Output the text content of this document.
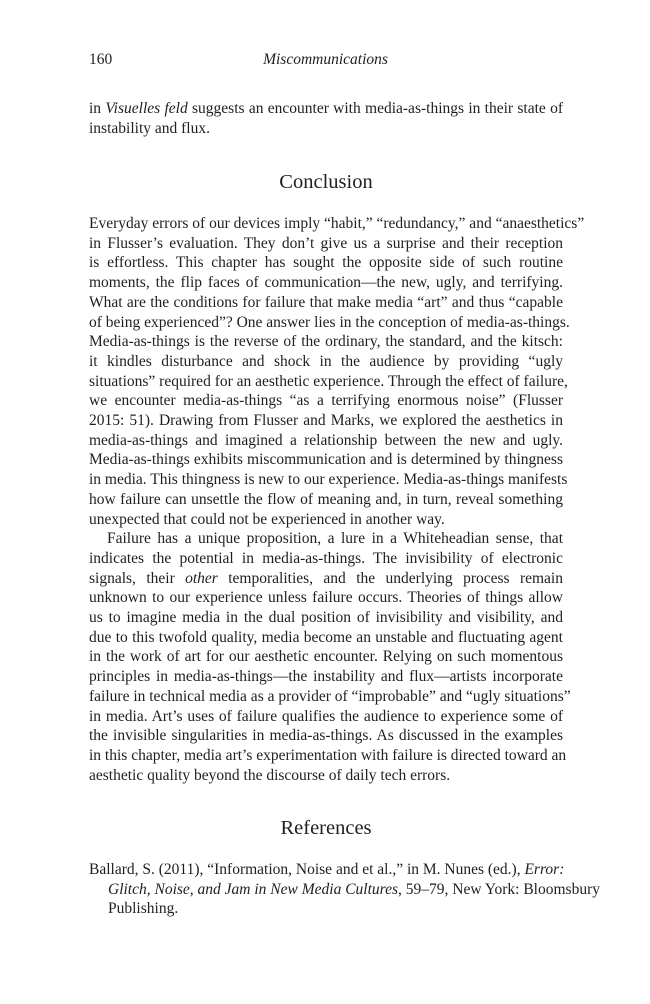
160	Miscommunications
in Visuelles feld suggests an encounter with media-as-things in their state of
instability and flux.
Conclusion
Everyday errors of our devices imply “habit,” “redundancy,” and “anaesthetics”
in Flusser’s evaluation. They don’t give us a surprise and their reception
is effortless. This chapter has sought the opposite side of such routine
moments, the flip faces of communication—the new, ugly, and terrifying.
What are the conditions for failure that make media “art” and thus “capable
of being experienced”? One answer lies in the conception of media-as-things.
Media-as-things is the reverse of the ordinary, the standard, and the kitsch:
it kindles disturbance and shock in the audience by providing “ugly
situations” required for an aesthetic experience. Through the effect of failure,
we encounter media-as-things “as a terrifying enormous noise” (Flusser
2015: 51). Drawing from Flusser and Marks, we explored the aesthetics in
media-as-things and imagined a relationship between the new and ugly.
Media-as-things exhibits miscommunication and is determined by thingness
in media. This thingness is new to our experience. Media-as-things manifests
how failure can unsettle the flow of meaning and, in turn, reveal something
unexpected that could not be experienced in another way.
Failure has a unique proposition, a lure in a Whiteheadian sense, that
indicates the potential in media-as-things. The invisibility of electronic
signals, their other temporalities, and the underlying process remain
unknown to our experience unless failure occurs. Theories of things allow
us to imagine media in the dual position of invisibility and visibility, and
due to this twofold quality, media become an unstable and fluctuating agent
in the work of art for our aesthetic encounter. Relying on such momentous
principles in media-as-things—the instability and flux—artists incorporate
failure in technical media as a provider of “improbable” and “ugly situations”
in media. Art’s uses of failure qualifies the audience to experience some of
the invisible singularities in media-as-things. As discussed in the examples
in this chapter, media art’s experimentation with failure is directed toward an
aesthetic quality beyond the discourse of daily tech errors.
References
Ballard, S. (2011), “Information, Noise and et al.,” in M. Nunes (ed.), Error:
Glitch, Noise, and Jam in New Media Cultures, 59–79, New York: Bloomsbury
Publishing.
